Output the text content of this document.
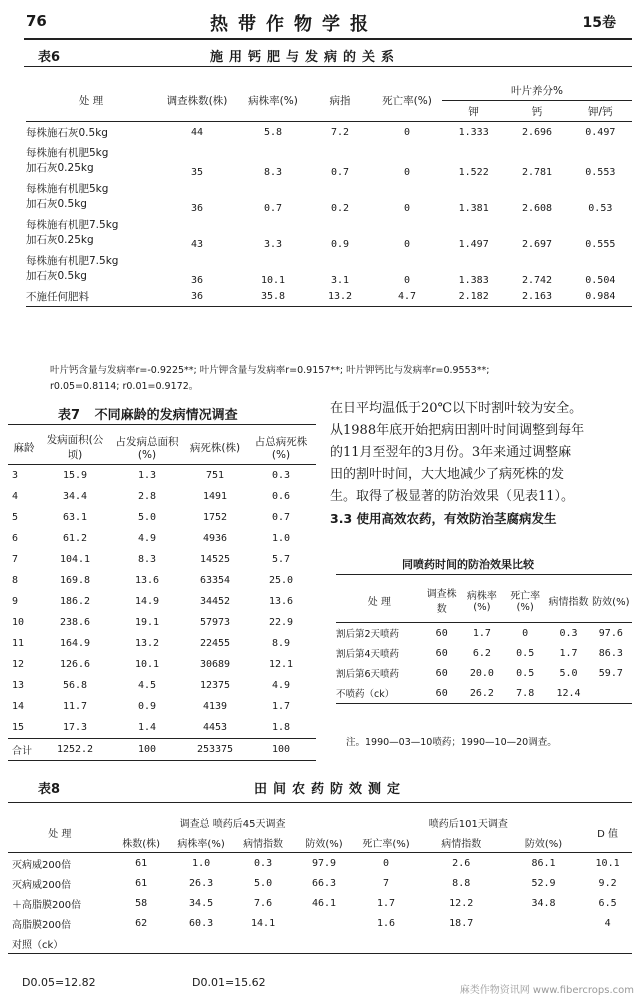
76	热带作物学报	15卷
表6	施用钙肥与发病的关系
处 理	调查株数(株)	病株率(%)	病指	死亡率(%)	叶片养分%		
					钾	钙	钾/钙

每株施石灰0.5kg	44	5.8	7.2	0	1.333	2.696	0.497

每株施有机肥5kg
加石灰0.25kg	35	8.3	0.7	0	1.522	2.781	0.553

每株施有机肥5kg
加石灰0.5kg	36	0.7	0.2	0	1.381	2.608	0.53

每株施有机肥7.5kg
加石灰0.25kg	43	3.3	0.9	0	1.497	2.697	0.555

每株施有机肥7.5kg
加石灰0.5kg	36	10.1	3.1	0	1.383	2.742	0.504

不施任何肥料	36	35.8	13.2	4.7	2.182	2.163	0.984
叶片钙含量与发病率r=-0.9225**; 叶片钾含量与发病率r=0.9157**; 叶片钾钙比与发病率r=0.9553**;
r0.05=0.8114; r0.01=0.9172。
表7 不同麻龄的发病情况调查
麻龄	发病面积(公顷)	占发病总面积(%)	病死株(株)	占总病死株(%)
3	15.9	1.3	751	0.3
4	34.4	2.8	1491	0.6
5	63.1	5.0	1752	0.7
6	61.2	4.9	4936	1.0
7	104.1	8.3	14525	5.7
8	169.8	13.6	63354	25.0
9	186.2	14.9	34452	13.6
10	238.6	19.1	57973	22.9
11	164.9	13.2	22455	8.9
12	126.6	10.1	30689	12.1
13	56.8	4.5	12375	4.9
14	11.7	0.9	4139	1.7
15	17.3	1.4	4453	1.8
合计	1252.2	100	253375	100
在日平均温低于20℃以下时割叶较为安全。
从1988年底开始把病田割叶时间调整到每年
的11月至翌年的3月份。3年来通过调整麻
田的割叶时间，大大地减少了病死株的发
生。取得了极显著的防治效果（见表11）。
3.3 使用高效农药，有效防治茎腐病发生
同喷药时间的防治效果比较
处 理	调查株数	病株率(%)	死亡率(%)	病情指数	防效(%)
割后第2天喷药	60	1.7	0	0.3	97.6
割后第4天喷药	60	6.2	0.5	1.7	86.3
割后第6天喷药	60	20.0	0.5	5.0	59.7
不喷药（ck）	60	26.2	7.8	12.4	
注。1990—03—10喷药；1990—10—20调查。
表8	田间农药防效测定
处 理	调查总 喷药后45天调查				喷药后101天调查			D 值
	株数(株)	病株率(%)	病情指数	防效(%)	死亡率(%)	病情指数	防效(%)	
灭病威200倍	61	1.0	0.3	97.9	0	2.6	86.1	10.1
灭病威200倍	61	26.3	5.0	66.3	7	8.8	52.9	9.2
＋高脂膜200倍	58	34.5	7.6	46.1	1.7	12.2	34.8	6.5
高脂膜200倍	62	60.3	14.1		1.6	18.7		4
对照（ck）								
D0.05=12.82	D0.01=15.62
麻类作物资讯网 www.fibercrops.com
